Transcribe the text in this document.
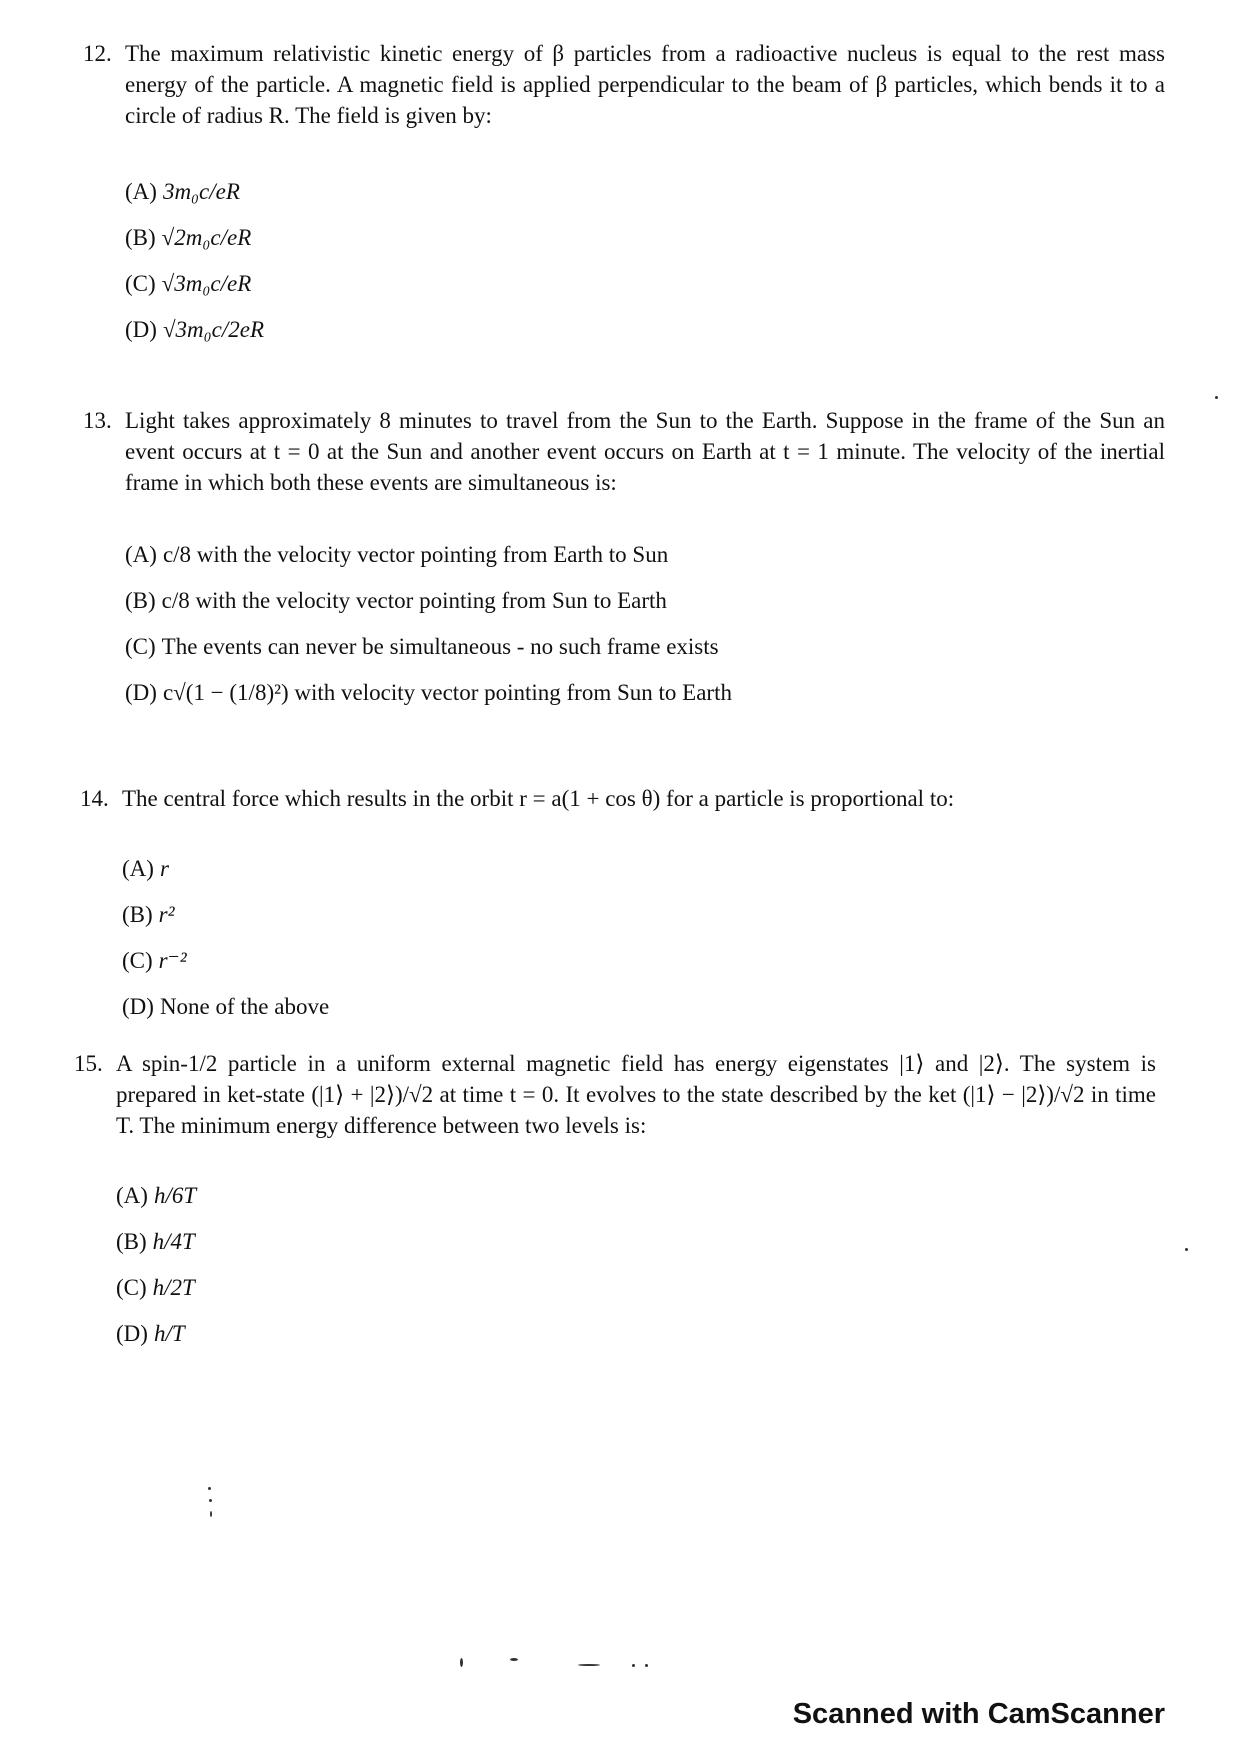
12. The maximum relativistic kinetic energy of β particles from a radioactive nucleus is equal to the rest mass energy of the particle. A magnetic field is applied perpendicular to the beam of β particles, which bends it to a circle of radius R. The field is given by:
(A) 3m₀c/eR
(B) √2m₀c/eR
(C) √3m₀c/eR
(D) √3m₀c/2eR
13. Light takes approximately 8 minutes to travel from the Sun to the Earth. Suppose in the frame of the Sun an event occurs at t = 0 at the Sun and another event occurs on Earth at t = 1 minute. The velocity of the inertial frame in which both these events are simultaneous is:
(A) c/8 with the velocity vector pointing from Earth to Sun
(B) c/8 with the velocity vector pointing from Sun to Earth
(C) The events can never be simultaneous - no such frame exists
(D) c√(1 − (1/8)²) with velocity vector pointing from Sun to Earth
14. The central force which results in the orbit r = a(1 + cos θ) for a particle is proportional to:
(A) r
(B) r²
(C) r⁻²
(D) None of the above
15. A spin-1/2 particle in a uniform external magnetic field has energy eigenstates |1⟩ and |2⟩. The system is prepared in ket-state (|1⟩ + |2⟩)/√2 at time t = 0. It evolves to the state described by the ket (|1⟩ − |2⟩)/√2 in time T. The minimum energy difference between two levels is:
(A) h/6T
(B) h/4T
(C) h/2T
(D) h/T
Scanned with CamScanner
